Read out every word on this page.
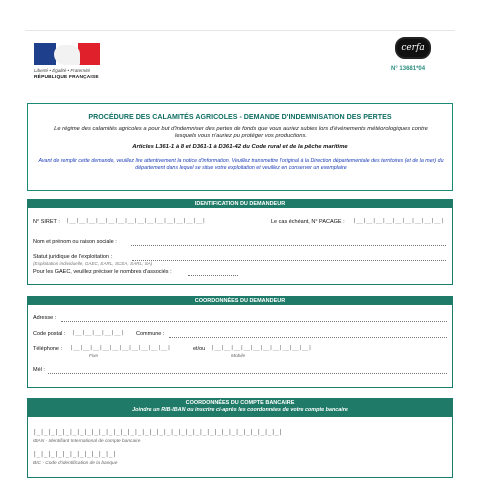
Liberté • Égalité • Fraternité
RÉPUBLIQUE FRANÇAISE
cerfa
N° 13681*04
PROCÉDURE DES CALAMITÉS AGRICOLES - DEMANDE D'INDEMNISATION DES PERTES
Le régime des calamités agricoles a pour but d'indemniser des pertes de fonds que vous auriez subies lors d'événements météorologiques contre lesquels vous n'auriez pu protéger vos productions.
Articles L361-1 à 8 et D361-1 à D361-42 du Code rural et de la pêche maritime
Avant de remplir cette demande, veuillez lire attentivement la notice d'information. Veuillez transmettre l'original à la Direction départementale des territoires (et de la mer) du département dans lequel se situe votre exploitation et veuillez en conserver un exemplaire
IDENTIFICATION DU DEMANDEUR
N° SIRET : |__|__|__|__|__|__|__|__|__|__|__|__|__|__|	Le cas échéant, N° PACAGE : |__|__|__|__|__|__|__|__|__|
Nom et prénom ou raison sociale :
Statut juridique de l'exploitation :
(Exploitation individuelle, GAEC, EARL, SCEA, SARL, SA)
Pour les GAEC, veuillez préciser le nombres d'associés :
COORDONNÉES DU DEMANDEUR
Adresse :
Code postal : |__|__|__|__|__| Commune :
Téléphone : |__|__|__|__|__|__|__|__|__|__|	et/ou |__|__|__|__|__|__|__|__|__|__|
Fixe	Mobile
Mél :
COORDONNÉES DU COMPTE BANCAIRE
Joindre un RIB-IBAN ou inscrire ci-après les coordonnées de votre compte bancaire
|_|_|_|_|_|_|_|_|_|_|_|_|_|_|_|_|_|_|_|_|_|_|_|_|_|_|_|_|_|_|_|_|_|_|
IBAN - Identifiant International de compte bancaire
|_|_|_|_|_|_|_|_|_|_|_|
BIC - Code d'identification de la banque
